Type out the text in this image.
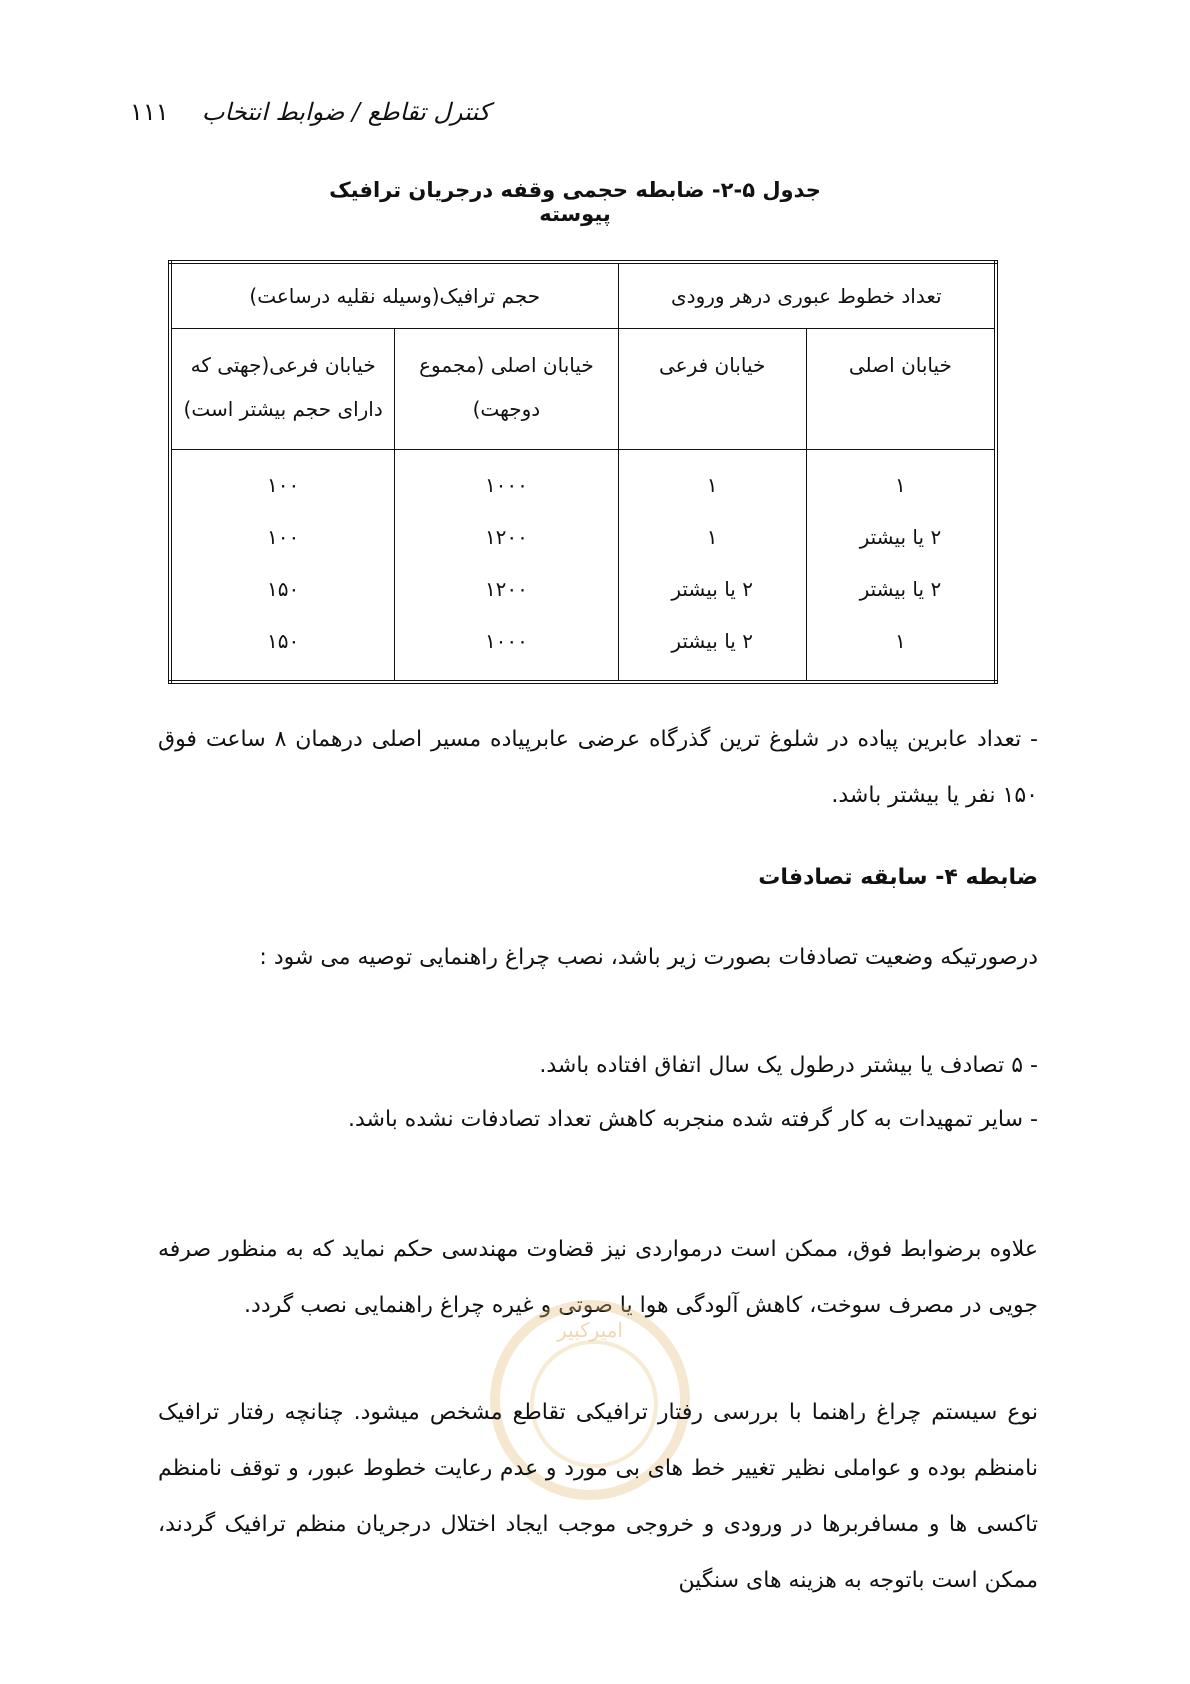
۱۱۱ کنترل تقاطع / ضوابط انتخاب
جدول ۵-۲- ضابطه حجمی وقفه درجریان ترافیک پیوسته
تعداد خطوط عبوری درهر ورودی		حجم ترافیک(وسیله نقلیه درساعت)	
خیابان اصلی	خیابان فرعی	خیابان اصلی (مجموع دوجهت)	خیابان فرعی(جهتی که دارای حجم بیشتر است)
۱	۱	۱۰۰۰	۱۰۰
۲ یا بیشتر	۱	۱۲۰۰	۱۰۰
۲ یا بیشتر	۲ یا بیشتر	۱۲۰۰	۱۵۰
۱	۲ یا بیشتر	۱۰۰۰	۱۵۰
- تعداد عابرین پیاده در شلوغ ترین گذرگاه عرضی عابرپیاده مسیر اصلی درهمان ۸ ساعت فوق ۱۵۰ نفر یا بیشتر باشد.
ضابطه ۴- سابقه تصادفات
درصورتیکه وضعیت تصادفات بصورت زیر باشد، نصب چراغ راهنمایی توصیه می شود :
- ۵ تصادف یا بیشتر درطول یک سال اتفاق افتاده باشد.
- سایر تمهیدات به کار گرفته شده منجربه کاهش تعداد تصادفات نشده باشد.
علاوه برضوابط فوق، ممکن است درمواردی نیز قضاوت مهندسی حکم نماید که به منظور صرفه جویی در مصرف سوخت، کاهش آلودگی هوا یا صوتی و غیره چراغ راهنمایی نصب گردد.
امیرکبیر
نوع سیستم چراغ راهنما با بررسی رفتار ترافیکی تقاطع مشخص میشود. چنانچه رفتار ترافیک نامنظم بوده و عواملی نظیر تغییر خط های بی مورد و عدم رعایت خطوط عبور، و توقف نامنظم تاکسی ها و مسافربرها در ورودی و خروجی موجب ایجاد اختلال درجریان منظم ترافیک گردند، ممکن است باتوجه به هزینه های سنگین
